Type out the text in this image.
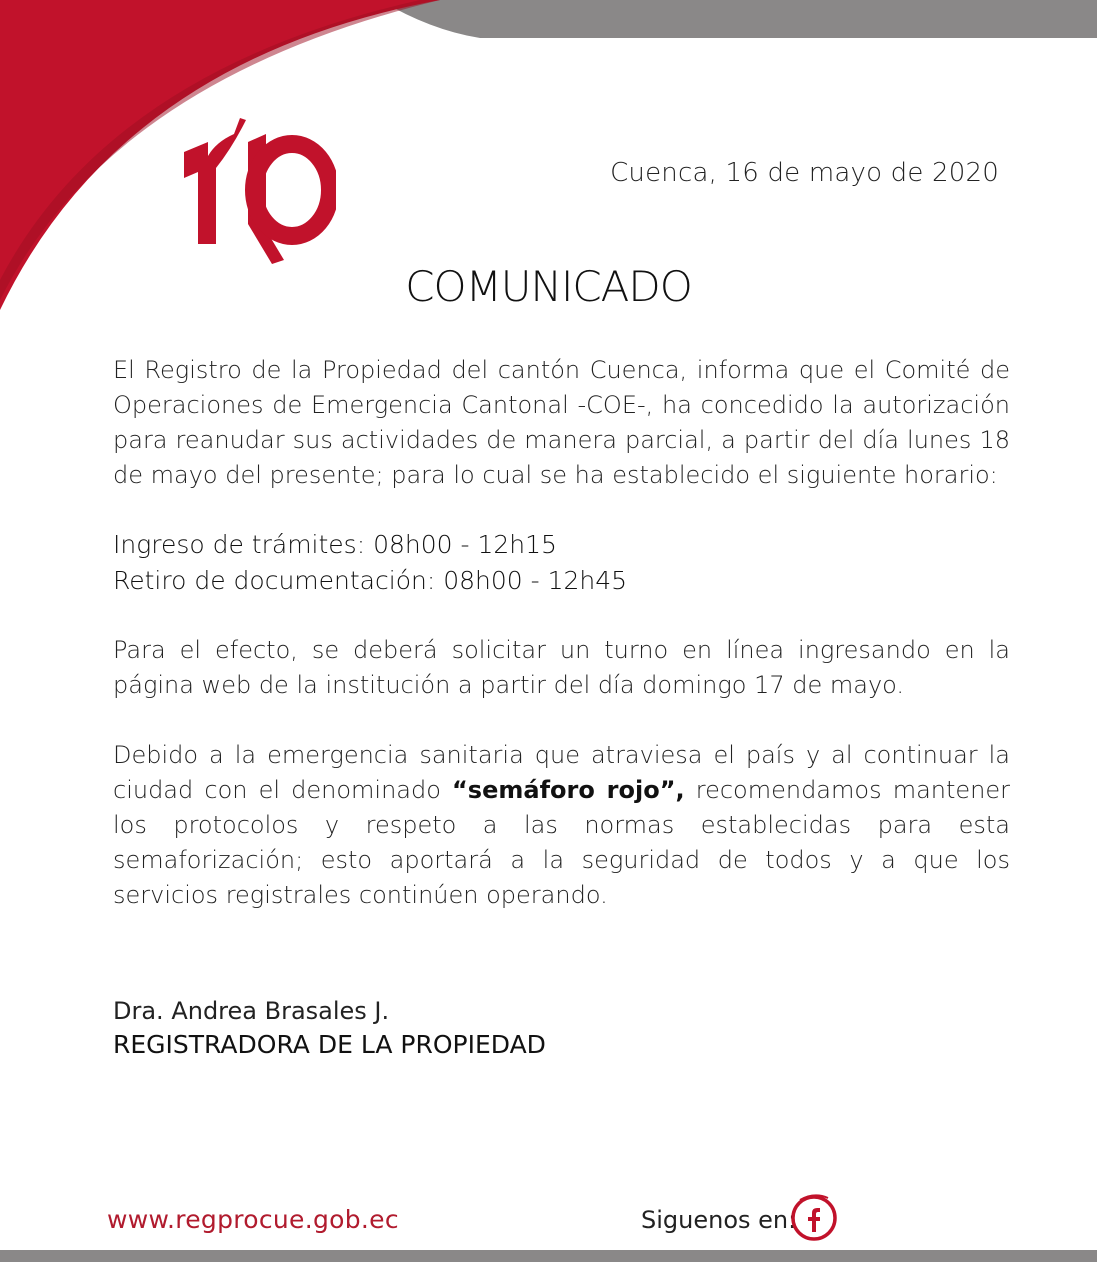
Cuenca, 16 de mayo de 2020
COMUNICADO
El Registro de la Propiedad del cantón Cuenca, informa que el Comité de Operaciones de Emergencia Cantonal -COE-, ha concedido la autorización para reanudar sus actividades de manera parcial, a partir del día lunes 18 de mayo del presente; para lo cual se ha establecido el siguiente horario:
Ingreso de trámites: 08h00 - 12h15
Retiro de documentación: 08h00 - 12h45
Para el efecto, se deberá solicitar un turno en línea ingresando en la página web de la institución a partir del día domingo 17 de mayo.
Debido a la emergencia sanitaria que atraviesa el país y al continuar la ciudad con el denominado “semáforo rojo”, recomendamos mantener los protocolos y respeto a las normas establecidas para esta semaforización; esto aportará a la seguridad de todos y a que los servicios registrales continúen operando.
Dra. Andrea Brasales J.
REGISTRADORA DE LA PROPIEDAD
www.regprocue.gob.ec	Siguenos en:
